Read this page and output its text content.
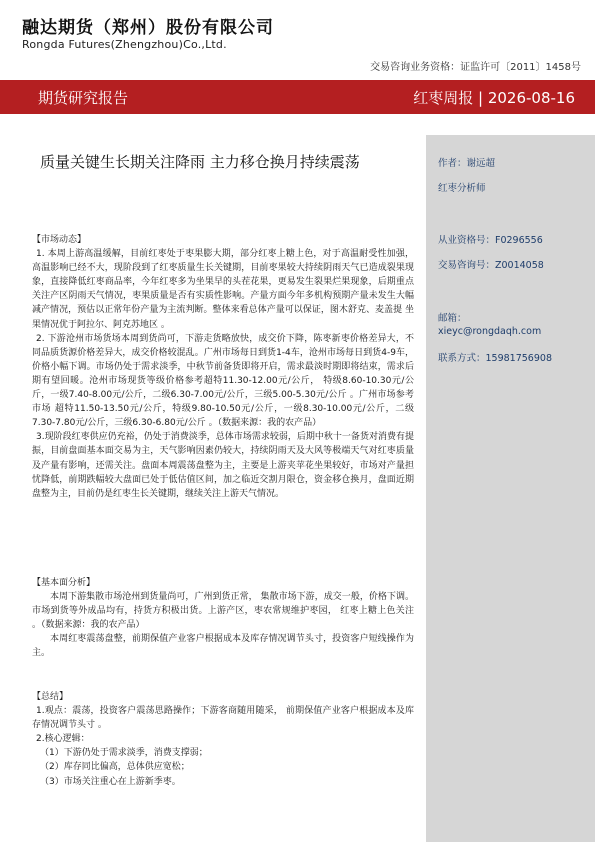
融达期货（郑州）股份有限公司
Rongda Futures(Zhengzhou)Co.,Ltd.
交易咨询业务资格：证监许可〔2011〕1458号
期货研究报告	红枣周报 | 2026-08-16
质量关键生长期关注降雨 主力移仓换月持续震荡	作者：谢远超
红枣分析师
从业资格号：F0296556
交易咨询号：Z0014058
邮箱：
xieyc@rongdaqh.com
联系方式：15981756908
【市场动态】

1. 本周上游高温缓解，目前红枣处于枣果膨大期，部分红枣上糖上色，对于高温耐受性加强，高温影响已经不大，现阶段到了红枣质量生长关键期，目前枣果较大持续阴雨天气已造成裂果现象，直接降低红枣商品率，今年红枣多为坐果早的头茬花果，更易发生裂果烂果现象，后期重点关注产区阴雨天气情况，枣果质量是否有实质性影响。产量方面今年多机构预期产量未发生大幅减产情况，预估以正常年份产量为主流判断。整体来看总体产量可以保证，图木舒克、麦盖提 坐果情况优于阿拉尔、阿克苏地区 。

2. 下游沧州市场货场本周到货尚可，下游走货略放快，成交价下降，陈枣新枣价格差异大，不同品质货源价格差异大，成交价格较混乱。广州市场每日到货1-4车，沧州市场每日到货4-9车，价格小幅下调。市场仍处于需求淡季，中秋节前备货即将开启，需求最淡时期即将结束，需求后期有望回暖。沧州市场现货等级价格参考超特11.30-12.00元/公斤， 特级8.60-10.30元/公斤，一级7.40-8.00元/公斤，二级6.30-7.00元/公斤，三级5.00-5.30元/公斤 。广州市场参考市场 超特11.50-13.50元/公斤，特级9.80-10.50元/公斤，一级8.30-10.00元/公斤，二级7.30-7.80元/公斤，三级6.30-6.80元/公斤 。（数据来源：我的农产品）

3.现阶段红枣供应仍充裕，仍处于消费淡季，总体市场需求较弱，后期中秋十一备货对消费有提振，目前盘面基本面交易为主，天气影响因素仍较大，持续阴雨天及大风等极端天气对红枣质量及产量有影响，还需关注。盘面本周震荡盘整为主，主要是上游夹苹花坐果较好，市场对产量担忧降低，前期跌幅较大盘面已处于低估值区间，加之临近交割月限仓，资金移仓换月，盘面近期盘整为主，目前仍是红枣生长关键期，继续关注上游天气情况。

【基本面分析】

本周下游集散市场沧州到货量尚可，广州到货正常， 集散市场下游，成交一般，价格下调。市场到货等外成品均有，持货方积极出货。上游产区，枣农常规维护枣园， 红枣上糖上色关注 。（数据来源：我的农产品）

本周红枣震荡盘整，前期保值产业客户根据成本及库存情况调节头寸，投资客户短线操作为主。

【总结】

1.观点：震荡，投资客户震荡思路操作；下游客商随用随采， 前期保值产业客户根据成本及库存情况调节头寸 。

2.核心逻辑：

（1）下游仍处于需求淡季，消费支撑弱；

（2）库存同比偏高，总体供应宽松；

（3）市场关注重心在上游新季枣。
